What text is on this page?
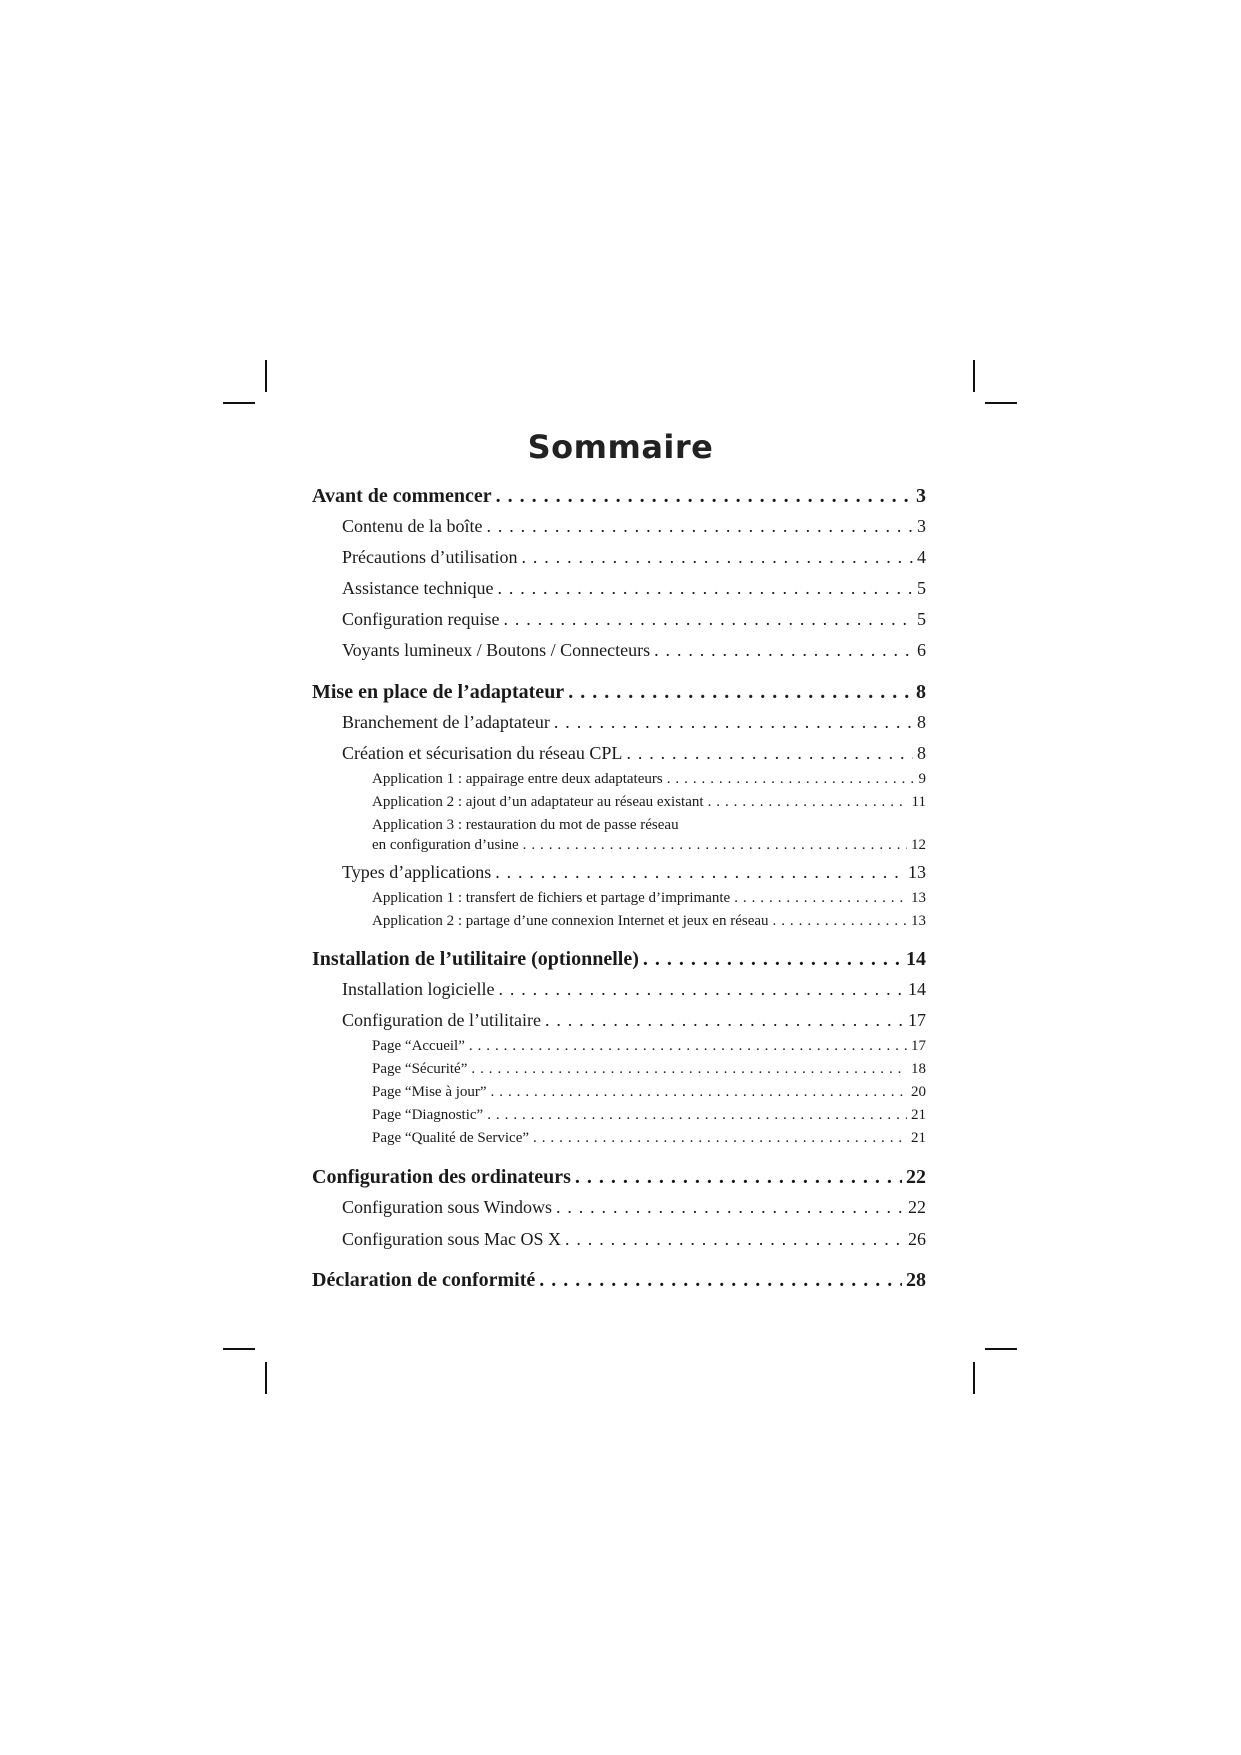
Sommaire
Avant de commencer . . .	3
Contenu de la boîte . . .	3
Précautions d’utilisation . . .	4
Assistance technique . . .	5
Configuration requise . . .	5
Voyants lumineux / Boutons / Connecteurs . . .	6
Mise en place de l’adaptateur . . .	8
Branchement de l’adaptateur . . .	8
Création et sécurisation du réseau CPL . . .	8
Application 1 : appairage entre deux adaptateurs . . .	9
Application 2 : ajout d’un adaptateur au réseau existant . . .	11
Application 3 : restauration du mot de passe réseau
en configuration d’usine . . .	12
Types d’applications . . .	13
Application 1 : transfert de fichiers et partage d’imprimante . . .	13
Application 2 : partage d’une connexion Internet et jeux en réseau . . .	13
Installation de l’utilitaire (optionnelle) . . .	14
Installation logicielle . . .	14
Configuration de l’utilitaire . . .	17
Page “Accueil” . . .	17
Page “Sécurité” . . .	18
Page “Mise à jour” . . .	20
Page “Diagnostic” . . .	21
Page “Qualité de Service” . . .	21
Configuration des ordinateurs . . .	22
Configuration sous Windows . . .	22
Configuration sous Mac OS X . . .	26
Déclaration de conformité . . .	28
